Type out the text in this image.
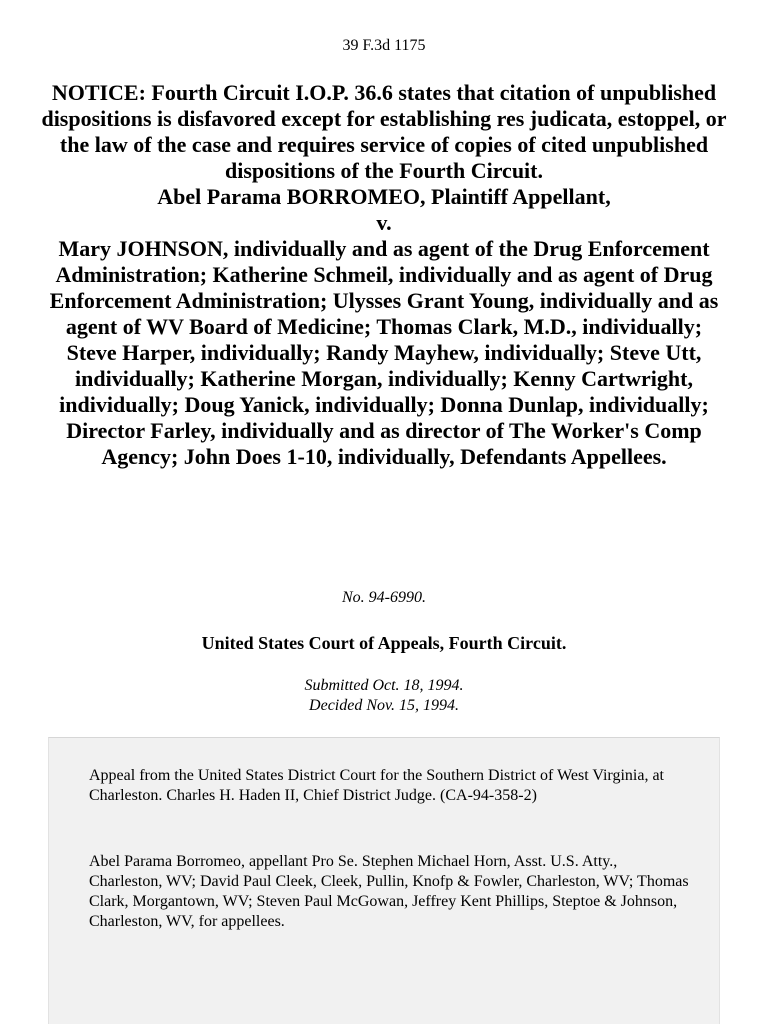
39 F.3d 1175
NOTICE: Fourth Circuit I.O.P. 36.6 states that citation of unpublished dispositions is disfavored except for establishing res judicata, estoppel, or the law of the case and requires service of copies of cited unpublished dispositions of the Fourth Circuit.
Abel Parama BORROMEO, Plaintiff Appellant,
v.
Mary JOHNSON, individually and as agent of the Drug Enforcement Administration; Katherine Schmeil, individually and as agent of Drug Enforcement Administration; Ulysses Grant Young, individually and as agent of WV Board of Medicine; Thomas Clark, M.D., individually; Steve Harper, individually; Randy Mayhew, individually; Steve Utt, individually; Katherine Morgan, individually; Kenny Cartwright, individually; Doug Yanick, individually; Donna Dunlap, individually; Director Farley, individually and as director of The Worker's Comp Agency; John Does 1-10, individually, Defendants Appellees.
No. 94-6990.
United States Court of Appeals, Fourth Circuit.
Submitted Oct. 18, 1994.
Decided Nov. 15, 1994.

Appeal from the United States District Court for the Southern District of West Virginia, at Charleston. Charles H. Haden II, Chief District Judge. (CA-94-358-2)

Abel Parama Borromeo, appellant Pro Se. Stephen Michael Horn, Asst. U.S. Atty., Charleston, WV; David Paul Cleek, Cleek, Pullin, Knofp & Fowler, Charleston, WV; Thomas Clark, Morgantown, WV; Steven Paul McGowan, Jeffrey Kent Phillips, Steptoe & Johnson, Charleston, WV, for appellees.
